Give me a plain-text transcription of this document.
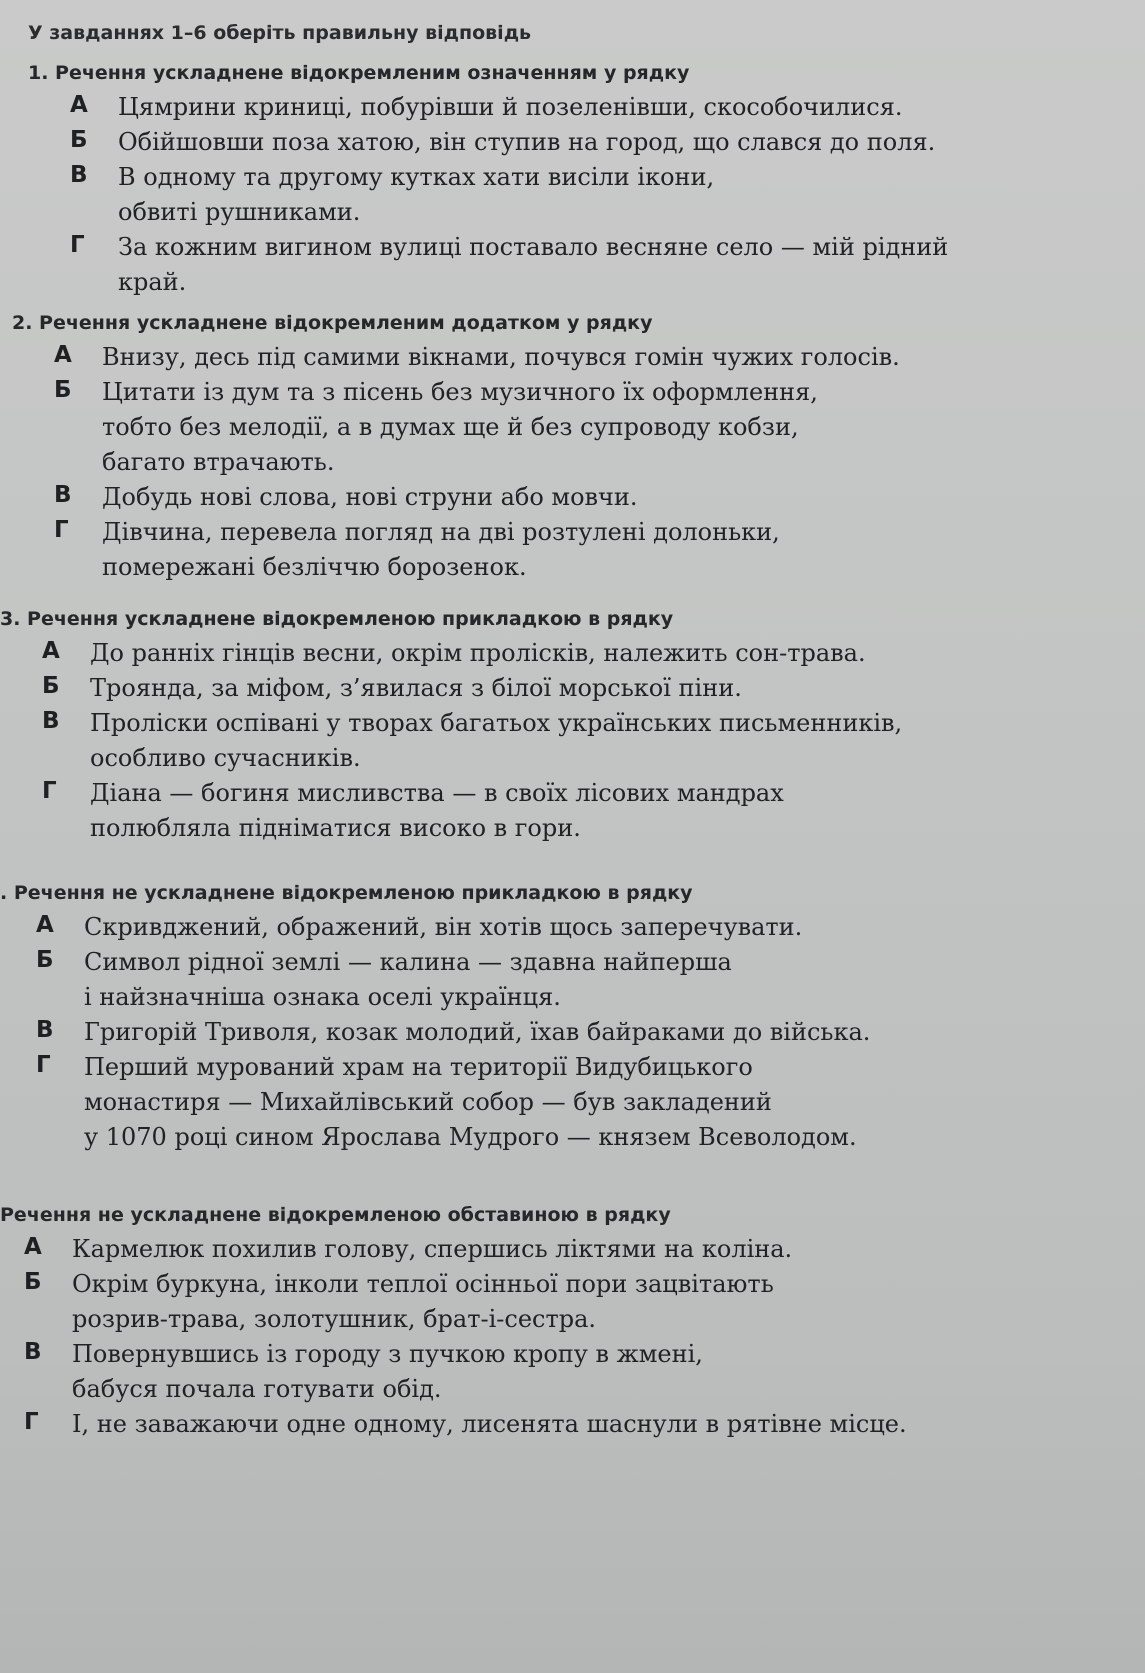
У завданнях 1–6 оберіть правильну відповідь
1. Речення ускладнене відокремленим означенням у рядку
А Цямрини криниці, побурівши й позеленівши, скособочилися.
Б Обійшовши поза хатою, він ступив на город, що слався до поля.
В В одному та другому кутках хати висіли ікони,
обвиті рушниками.
Г За кожним вигином вулиці поставало весняне село — мій рідний
край.
2. Речення ускладнене відокремленим додатком у рядку
А Внизу, десь під самими вікнами, почувся гомін чужих голосів.
Б Цитати із дум та з пісень без музичного їх оформлення,
тобто без мелодії, а в думах ще й без супроводу кобзи,
багато втрачають.
В Добудь нові слова, нові струни або мовчи.
Г Дівчина, перевела погляд на дві розтулені долоньки,
помережані безліччю борозенок.
3. Речення ускладнене відокремленою прикладкою в рядку
А До ранніх гінців весни, окрім пролісків, належить сон-трава.
Б Троянда, за міфом, з’явилася з білої морської піни.
В Проліски оспівані у творах багатьох українських письменників,
особливо сучасників.
Г Діана — богиня мисливства — в своїх лісових мандрах
полюбляла підніматися високо в гори.
. Речення не ускладнене відокремленою прикладкою в рядку
А Скривджений, ображений, він хотів щось заперечувати.
Б Символ рідної землі — калина — здавна найперша
і найзначніша ознака оселі українця.
В Григорій Триволя, козак молодий, їхав байраками до війська.
Г Перший мурований храм на території Видубицького
монастиря — Михайлівський собор — був закладений
у 1070 році сином Ярослава Мудрого — князем Всеволодом.
Речення не ускладнене відокремленою обставиною в рядку
А Кармелюк похилив голову, спершись ліктями на коліна.
Б Окрім буркуна, інколи теплої осінньої пори зацвітають
розрив-трава, золотушник, брат-і-сестра.
В Повернувшись із городу з пучкою кропу в жмені,
бабуся почала готувати обід.
Г І, не заважаючи одне одному, лисенята шаснули в рятівне місце.
